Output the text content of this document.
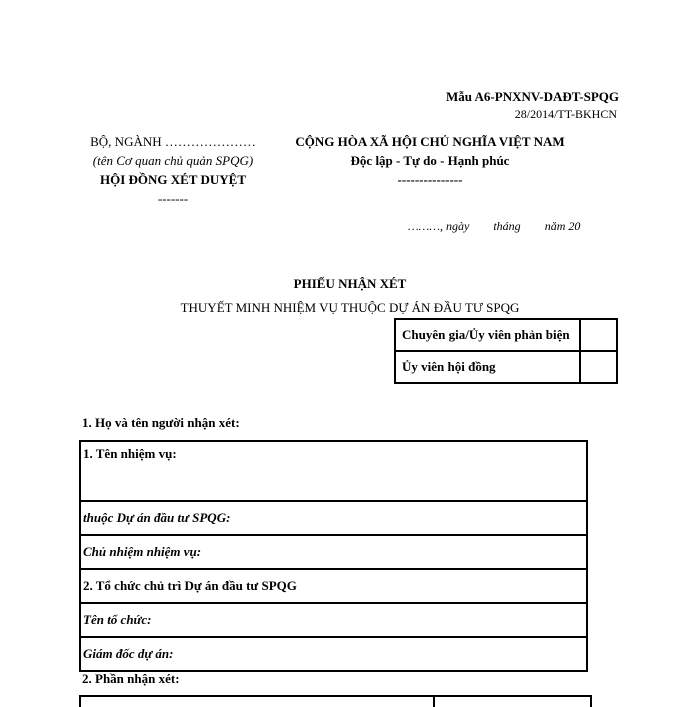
Mẫu A6-PNXNV-DAĐT-SPQG
28/2014/TT-BKHCN
BỘ, NGÀNH …………………
(tên Cơ quan chủ quản SPQG)
HỘI ĐỒNG XÉT DUYỆT
-------
CỘNG HÒA XÃ HỘI CHỦ NGHĨA VIỆT NAM
Độc lập - Tự do - Hạnh phúc
---------------
………, ngày tháng năm 20
PHIẾU NHẬN XÉT
THUYẾT MINH NHIỆM VỤ THUỘC DỰ ÁN ĐẦU TƯ SPQG
Chuyên gia/Ủy viên phản biện	
Ủy viên hội đồng	
1. Họ và tên người nhận xét:
1. Tên nhiệm vụ:
thuộc Dự án đầu tư SPQG:
Chủ nhiệm nhiệm vụ:
2. Tổ chức chủ trì Dự án đầu tư SPQG
Tên tổ chức:
Giám đốc dự án:
2. Phần nhận xét:
